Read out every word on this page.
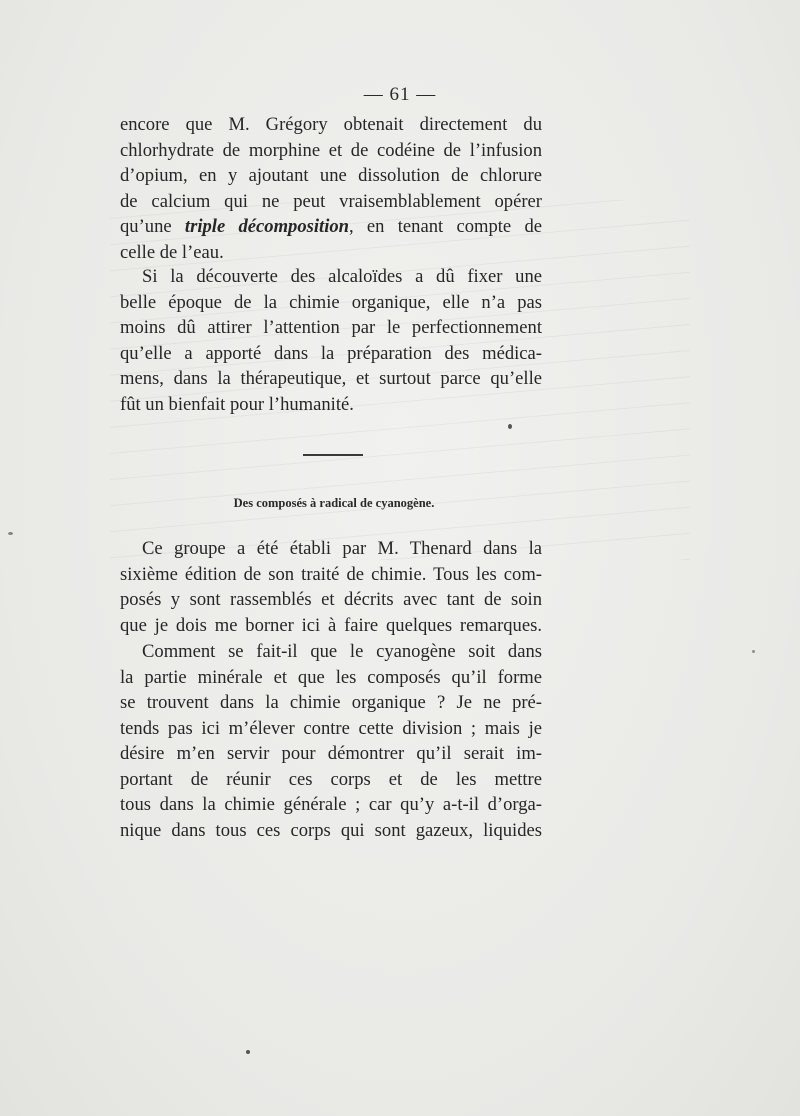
— 61 —
encore que M. Grégory obtenait directement du
chlorhydrate de morphine et de codéine de l’infusion
d’opium, en y ajoutant une dissolution de chlorure
de calcium qui ne peut vraisemblablement opérer
qu’une triple décomposition, en tenant compte de
celle de l’eau.
Si la découverte des alcaloïdes a dû fixer une
belle époque de la chimie organique, elle n’a pas
moins dû attirer l’attention par le perfectionnement
qu’elle a apporté dans la préparation des médica-
mens, dans la thérapeutique, et surtout parce qu’elle
fût un bienfait pour l’humanité.
Des composés à radical de cyanogène.
Ce groupe a été établi par M. Thenard dans la
sixième édition de son traité de chimie. Tous les com-
posés y sont rassemblés et décrits avec tant de soin
que je dois me borner ici à faire quelques remarques.
Comment se fait-il que le cyanogène soit dans
la partie minérale et que les composés qu’il forme
se trouvent dans la chimie organique ? Je ne pré-
tends pas ici m’élever contre cette division ; mais je
désire m’en servir pour démontrer qu’il serait im-
portant de réunir ces corps et de les mettre
tous dans la chimie générale ; car qu’y a-t-il d’orga-
nique dans tous ces corps qui sont gazeux, liquides
